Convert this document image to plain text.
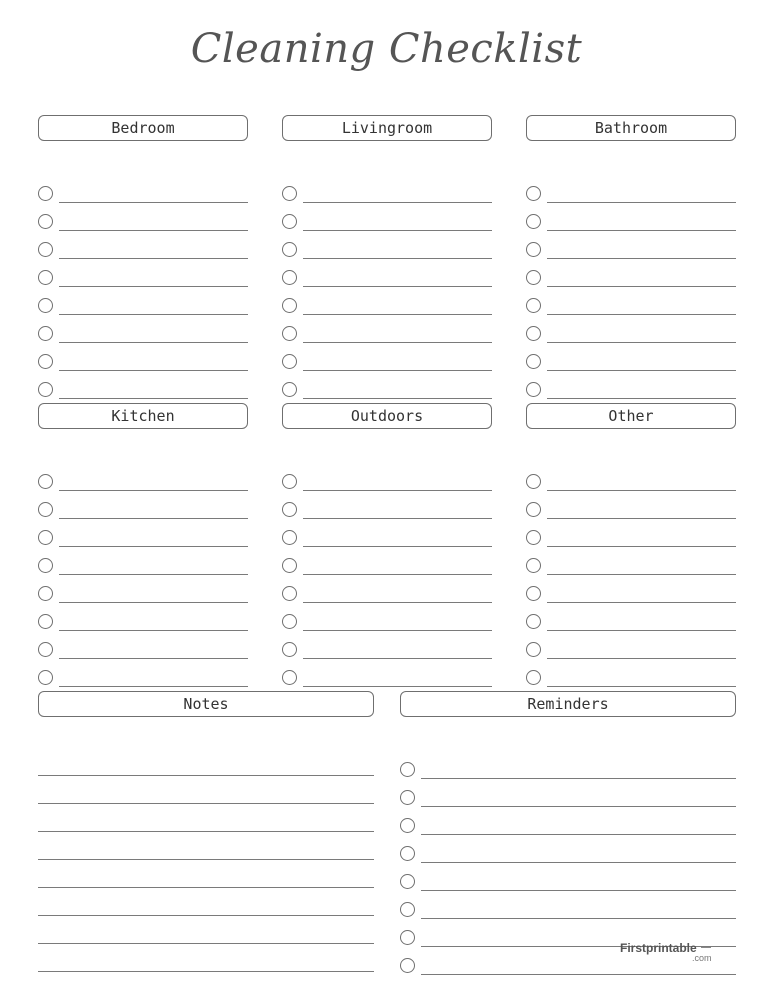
Cleaning Checklist
Bedroom	Livingroom	Bathroom
Kitchen	Outdoors	Other
Notes	Reminders
Firstprintable
.com
